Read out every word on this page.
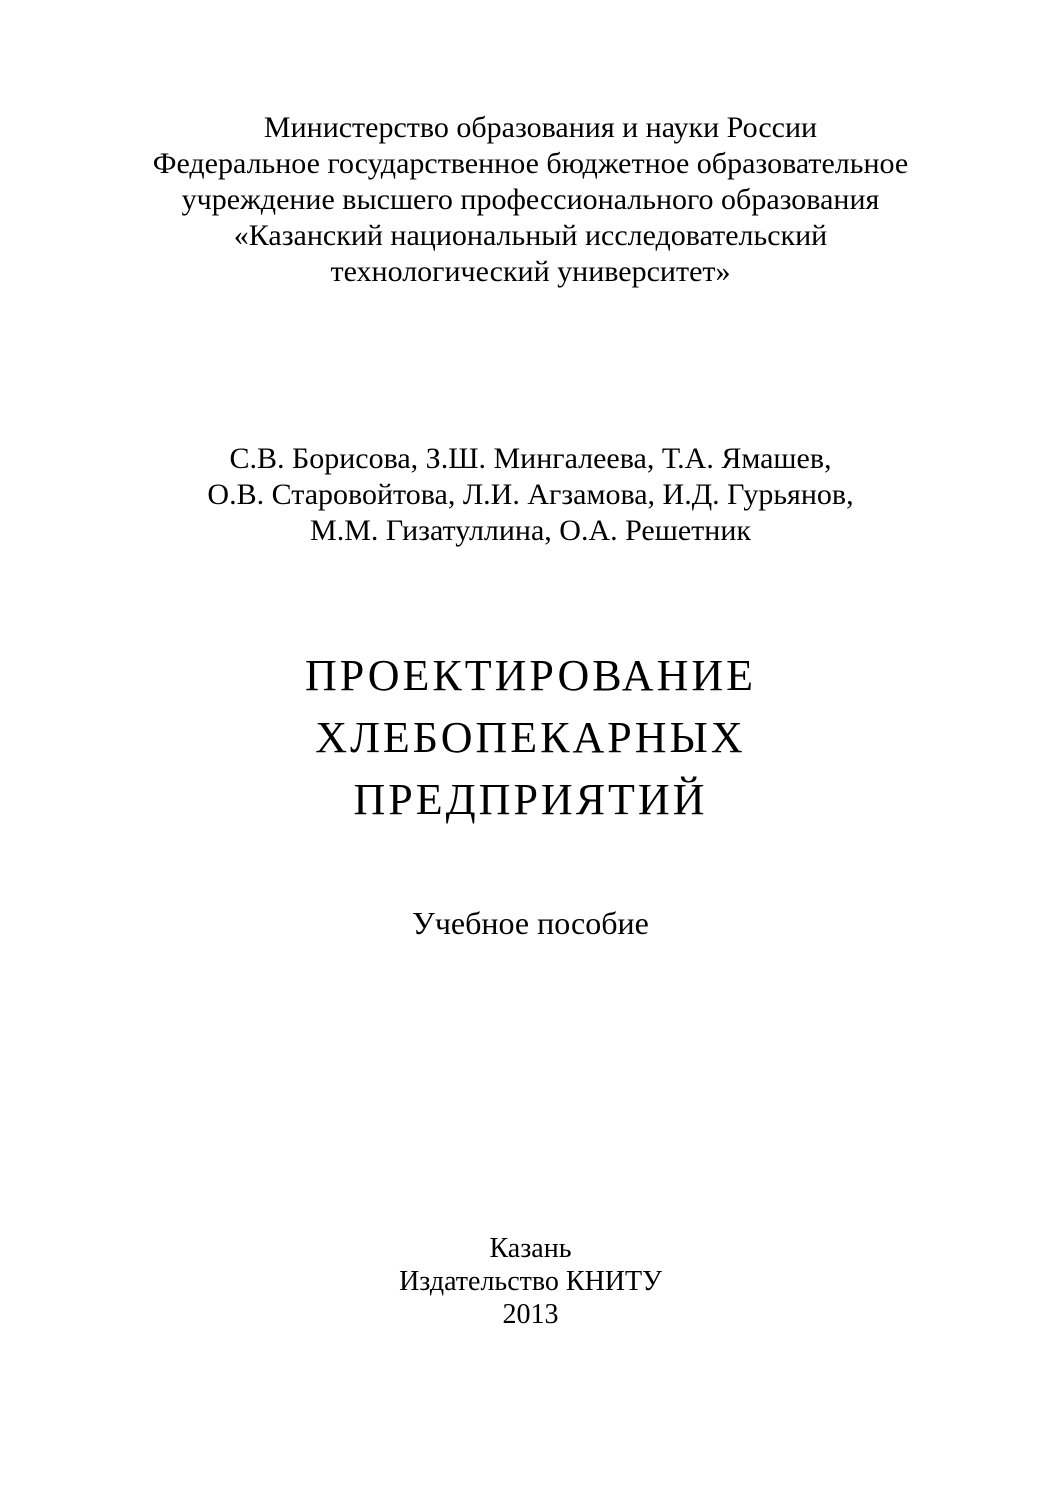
Министерство образования и науки России
Федеральное государственное бюджетное образовательное
учреждение высшего профессионального образования
«Казанский национальный исследовательский
технологический университет»
С.В. Борисова, З.Ш. Мингалеева, Т.А. Ямашев,
О.В. Старовойтова, Л.И. Агзамова, И.Д. Гурьянов,
М.М. Гизатуллина, О.А. Решетник
ПРОЕКТИРОВАНИЕ
ХЛЕБОПЕКАРНЫХ
ПРЕДПРИЯТИЙ
Учебное пособие
Казань
Издательство КНИТУ
2013
